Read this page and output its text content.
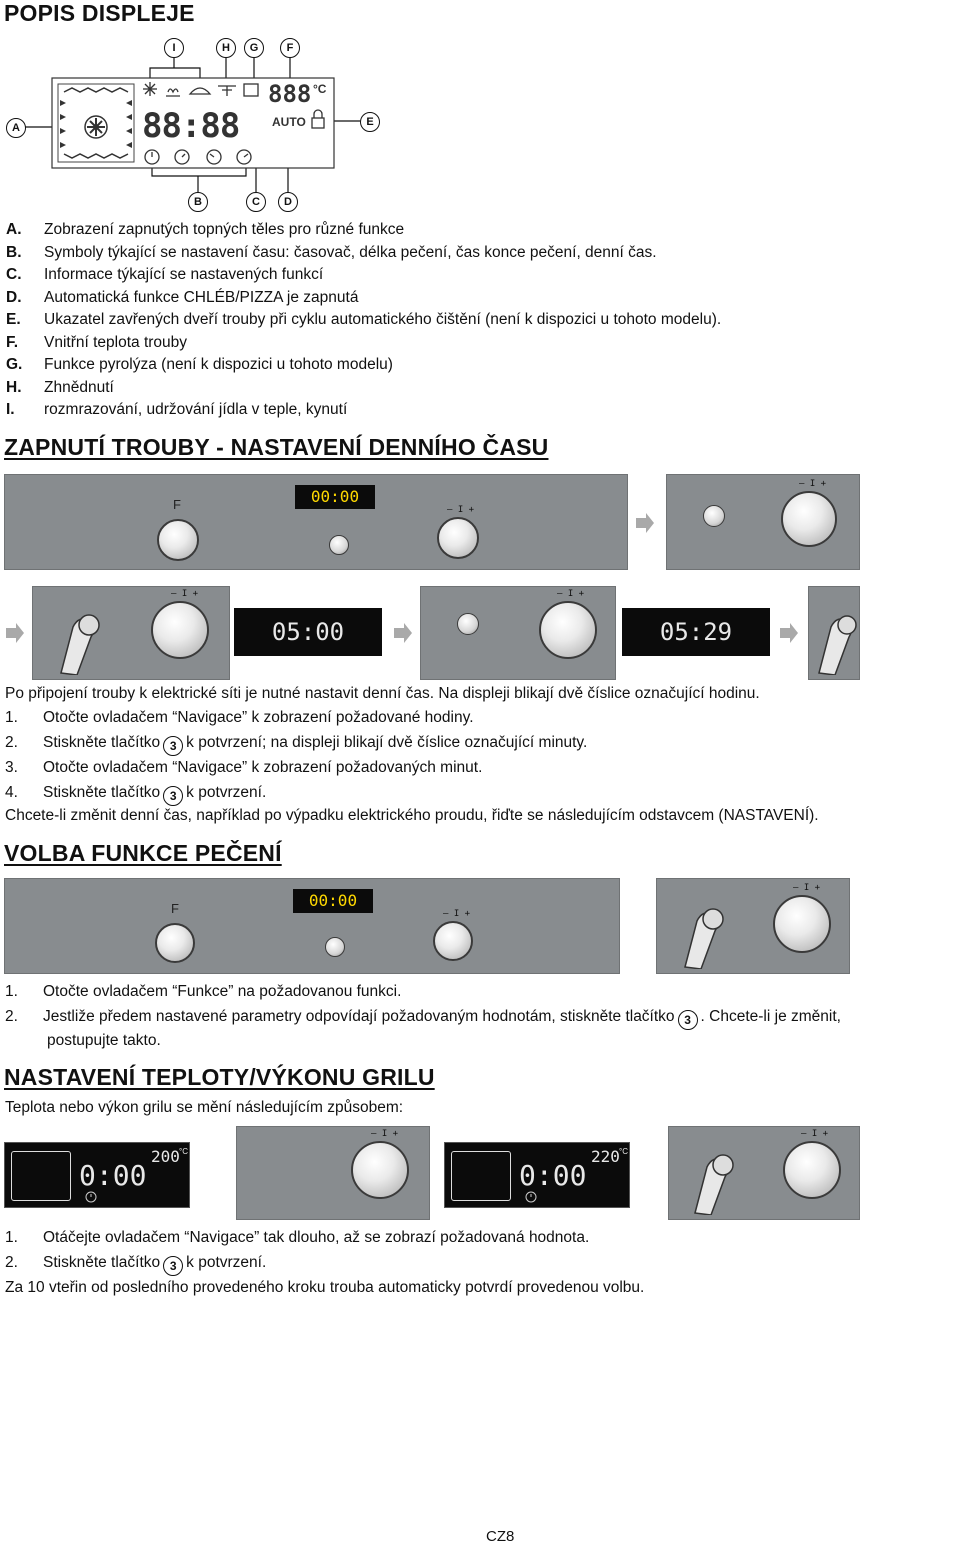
POPIS DISPLEJE
I	H	G	F
A	E
B	C	D
88:88
888 °C
AUTO
A. Zobrazení zapnutých topných těles pro různé funkce
B. Symboly týkající se nastavení času: časovač, délka pečení, čas konce pečení, denní čas.
C. Informace týkající se nastavených funkcí
D. Automatická funkce CHLÉB/PIZZA je zapnutá
E. Ukazatel zavřených dveří trouby při cyklu automatického čištění (není k dispozici u tohoto modelu).
F. Vnitřní teplota trouby
G. Funkce pyrolýza (není k dispozici u tohoto modelu)
H. Zhnědnutí
I. rozmrazování, udržování jídla v teple, kynutí
ZAPNUTÍ TROUBY - NASTAVENÍ DENNÍHO ČASU
F	00:00
– I +
– I +
– I +
05:00
– I +
05:29
Po připojení trouby k elektrické síti je nutné nastavit denní čas. Na displeji blikají dvě číslice označující hodinu.
1. Otočte ovladačem “Navigace” k zobrazení požadované hodiny.
2. Stiskněte tlačítko 3 k potvrzení; na displeji blikají dvě číslice označující minuty.
3. Otočte ovladačem “Navigace” k zobrazení požadovaných minut.
4. Stiskněte tlačítko 3 k potvrzení.
Chcete-li změnit denní čas, například po výpadku elektrického proudu, řiďte se následujícím odstavcem (NASTAVENÍ).
VOLBA FUNKCE PEČENÍ
F	00:00
– I +
– I +
1. Otočte ovladačem “Funkce” na požadovanou funkci.
2. Jestliže předem nastavené parametry odpovídají požadovaným hodnotám, stiskněte tlačítko 3 . Chcete-li je změnit,
postupujte takto.
NASTAVENÍ TEPLOTY/VÝKONU GRILU
Teplota nebo výkon grilu se mění následujícím způsobem:
0:00
200 °C
– I +
0:00
220 °C
– I +
1. Otáčejte ovladačem “Navigace” tak dlouho, až se zobrazí požadovaná hodnota.
2. Stiskněte tlačítko 3 k potvrzení.
Za 10 vteřin od posledního provedeného kroku trouba automaticky potvrdí provedenou volbu.
CZ8
